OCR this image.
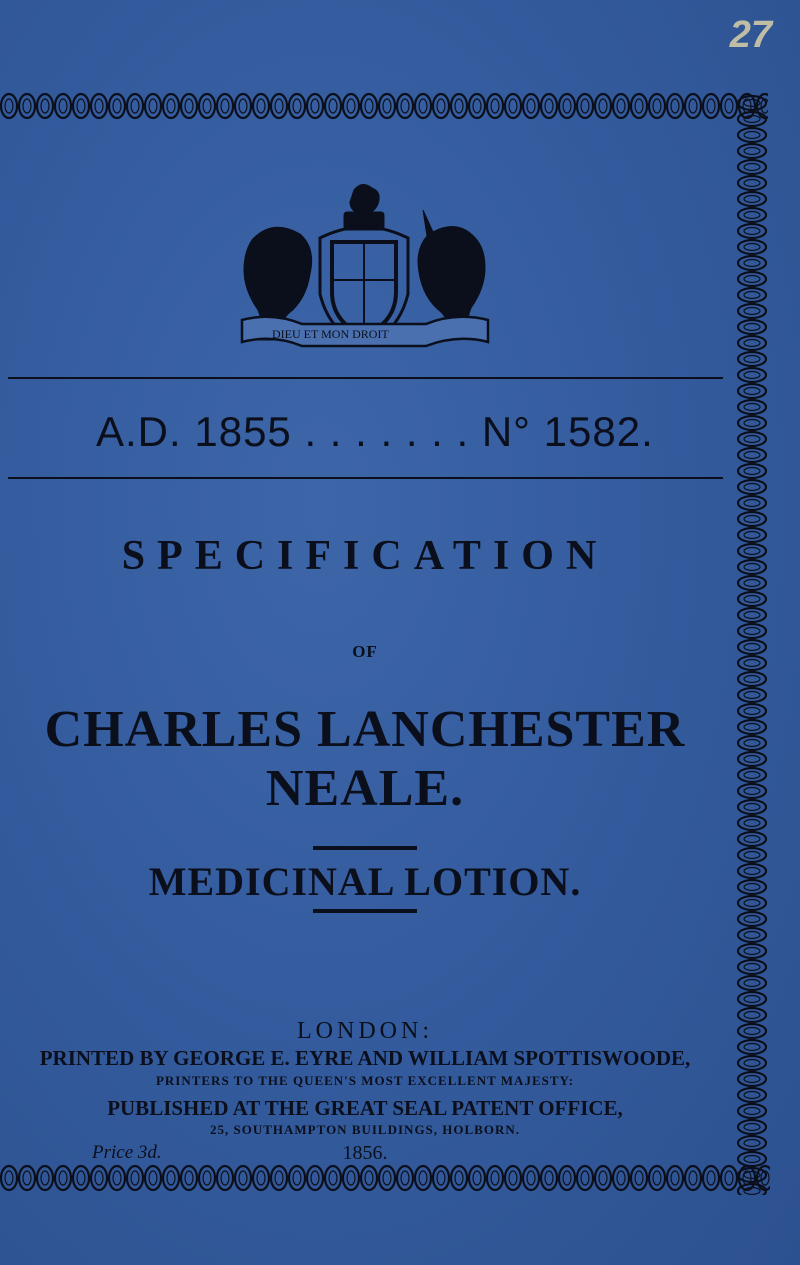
27
DIEU ET MON DROIT
A.D. 1855 . . . . . . . N° 1582.
SPECIFICATION
OF
CHARLES LANCHESTER NEALE.
MEDICINAL LOTION.
LONDON:
PRINTED BY GEORGE E. EYRE AND WILLIAM SPOTTISWOODE,
PRINTERS TO THE QUEEN'S MOST EXCELLENT MAJESTY:
PUBLISHED AT THE GREAT SEAL PATENT OFFICE,
25, SOUTHAMPTON BUILDINGS, HOLBORN.
1856.
Price 3d.
